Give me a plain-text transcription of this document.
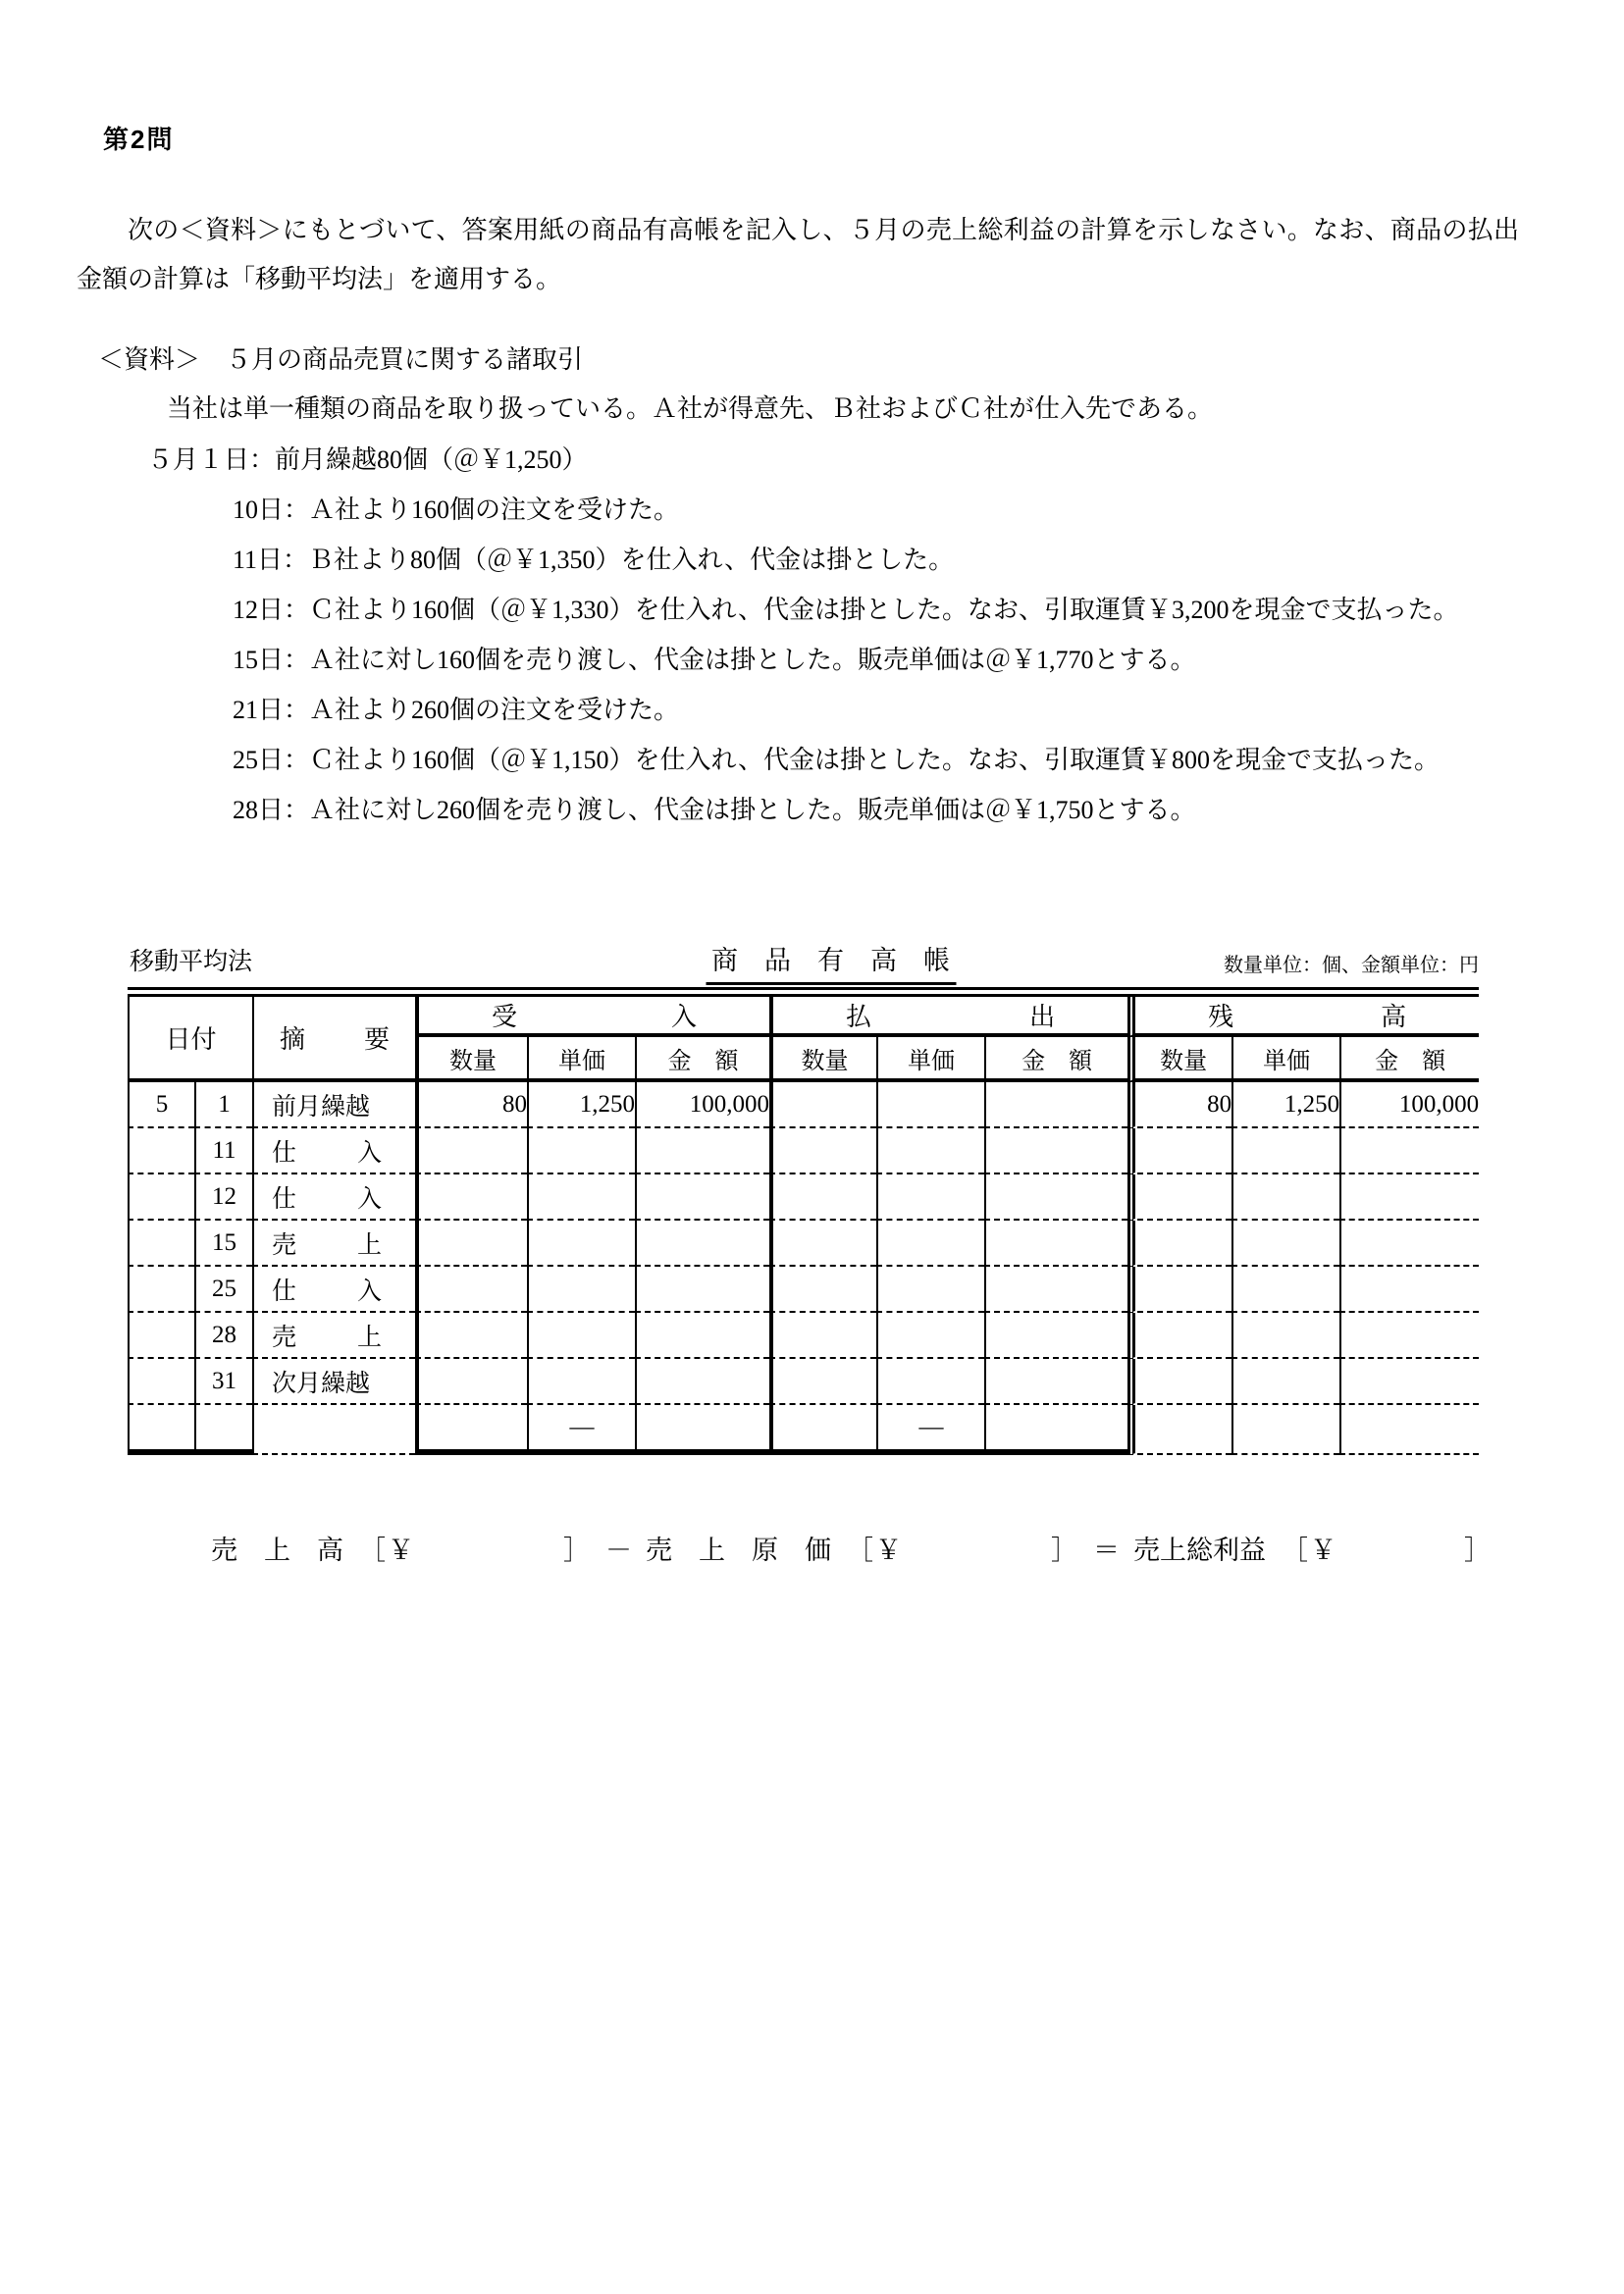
第2問

次の＜資料＞にもとづいて、答案用紙の商品有高帳を記入し、５月の売上総利益の計算を示しなさい。なお、商品の払出金額の計算は「移動平均法」を適用する。

＜資料＞　５月の商品売買に関する諸取引

当社は単一種類の商品を取り扱っている。Ａ社が得意先、Ｂ社およびＣ社が仕入先である。

５月１日：前月繰越80個（＠￥1,250）
10日：Ａ社より160個の注文を受けた。
11日：Ｂ社より80個（＠￥1,350）を仕入れ、代金は掛とした。
12日：Ｃ社より160個（＠￥1,330）を仕入れ、代金は掛とした。なお、引取運賃￥3,200を現金で支払った。
15日：Ａ社に対し160個を売り渡し、代金は掛とした。販売単価は＠￥1,770とする。
21日：Ａ社より260個の注文を受けた。
25日：Ｃ社より160個（＠￥1,150）を仕入れ、代金は掛とした。なお、引取運賃￥800を現金で支払った。
28日：Ａ社に対し260個を売り渡し、代金は掛とした。販売単価は＠￥1,750とする。
移動平均法	商　品　有　高　帳	数量単位：個、金額単位：円
日付		摘 要	受 入			払 出			残 高		

			数量	単価	金　額	数量	単価	金　額	数量	単価	金　額
5	1	前月繰越	80	1,250	100,000				80	1,250	100,000
	11	仕 入									

	12	仕 入									

	15	売 上									

	25	仕 入									

	28	売 上									

	31	次月繰越									
				—			—				
売　上　高 ［￥	］ － 売　上　原　価 ［￥	］ ＝ 売上総利益 ［￥	］
